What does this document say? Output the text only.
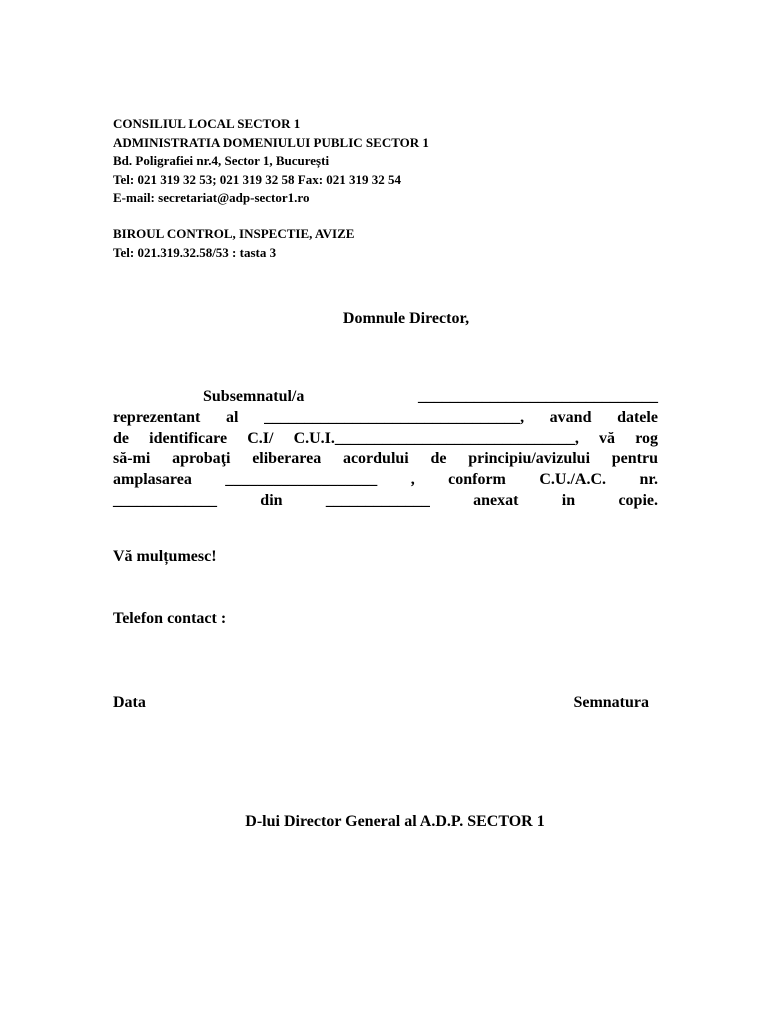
CONSILIUL LOCAL SECTOR 1
ADMINISTRATIA DOMENIULUI PUBLIC SECTOR 1
Bd. Poligrafiei nr.4, Sector 1, București
Tel: 021 319 32 53; 021 319 32 58 Fax: 021 319 32 54
E-mail: secretariat@adp-sector1.ro
BIROUL CONTROL, INSPECTIE, AVIZE
Tel: 021.319.32.58/53 : tasta 3
Domnule Director,
Subsemnatul/a	______________________________
reprezentant al ________________________________, avand datele
de identificare C.I/ C.U.I.______________________________, vă rog
să-mi aprobaţi eliberarea acordului de principiu/avizului pentru
amplasarea ___________________ , conform C.U./A.C. nr.
_____________ din _____________ anexat in copie.
Vă mulțumesc!
Telefon contact :
Data	Semnatura
D-lui Director General al A.D.P. SECTOR 1
